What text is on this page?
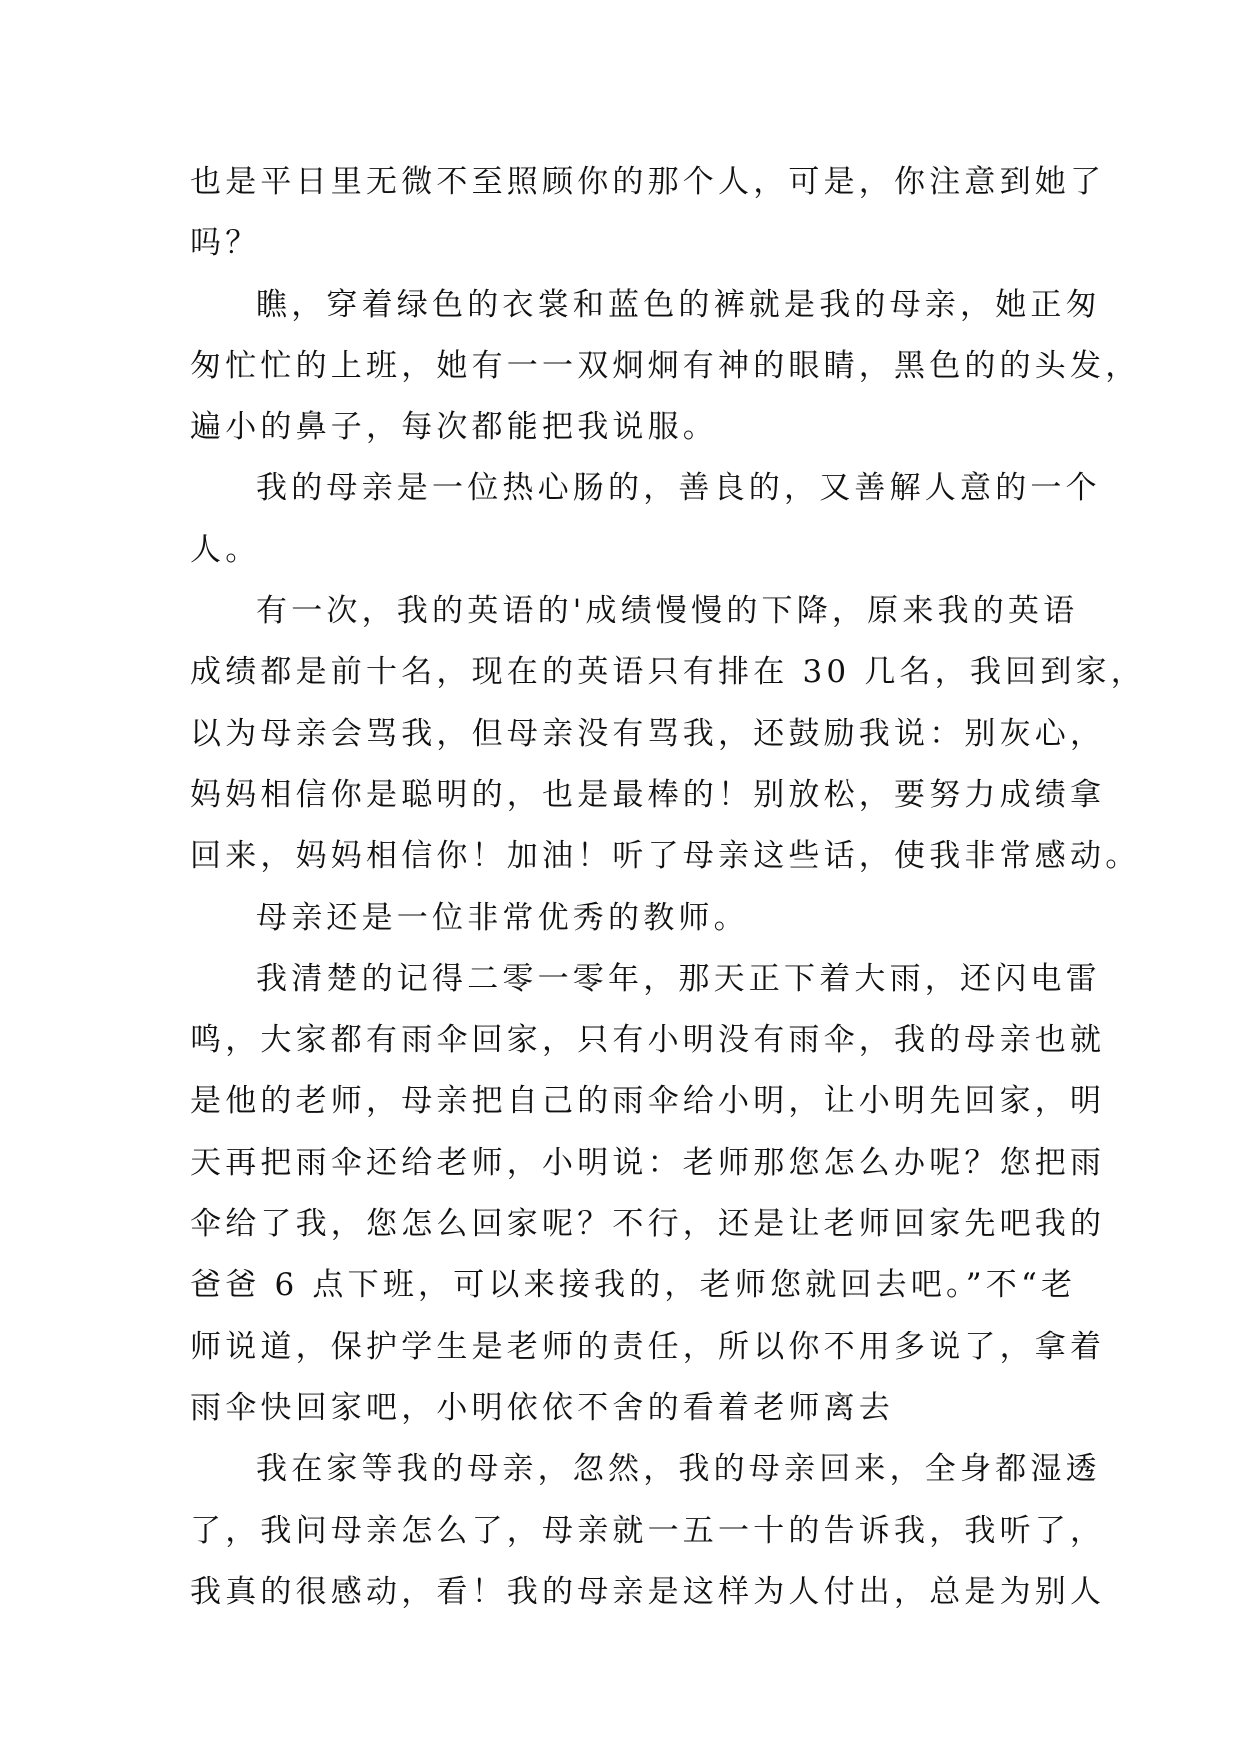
也是平日里无微不至照顾你的那个人，可是，你注意到她了
吗？
瞧，穿着绿色的衣裳和蓝色的裤就是我的母亲，她正匆
匆忙忙的上班，她有一一双炯炯有神的眼睛，黑色的的头发，
遍小的鼻子，每次都能把我说服。
我的母亲是一位热心肠的，善良的，又善解人意的一个
人。
有一次，我的英语的'成绩慢慢的下降，原来我的英语
成绩都是前十名，现在的英语只有排在 30 几名，我回到家，
以为母亲会骂我，但母亲没有骂我，还鼓励我说：别灰心，
妈妈相信你是聪明的，也是最棒的！别放松，要努力成绩拿
回来，妈妈相信你！加油！听了母亲这些话，使我非常感动。
母亲还是一位非常优秀的教师。
我清楚的记得二零一零年，那天正下着大雨，还闪电雷
鸣，大家都有雨伞回家，只有小明没有雨伞，我的母亲也就
是他的老师，母亲把自己的雨伞给小明，让小明先回家，明
天再把雨伞还给老师，小明说：老师那您怎么办呢？您把雨
伞给了我，您怎么回家呢？不行，还是让老师回家先吧我的
爸爸 6 点下班，可以来接我的，老师您就回去吧。”不“老
师说道，保护学生是老师的责任，所以你不用多说了，拿着
雨伞快回家吧，小明依依不舍的看着老师离去
我在家等我的母亲，忽然，我的母亲回来，全身都湿透
了，我问母亲怎么了，母亲就一五一十的告诉我，我听了，
我真的很感动，看！我的母亲是这样为人付出，总是为别人
